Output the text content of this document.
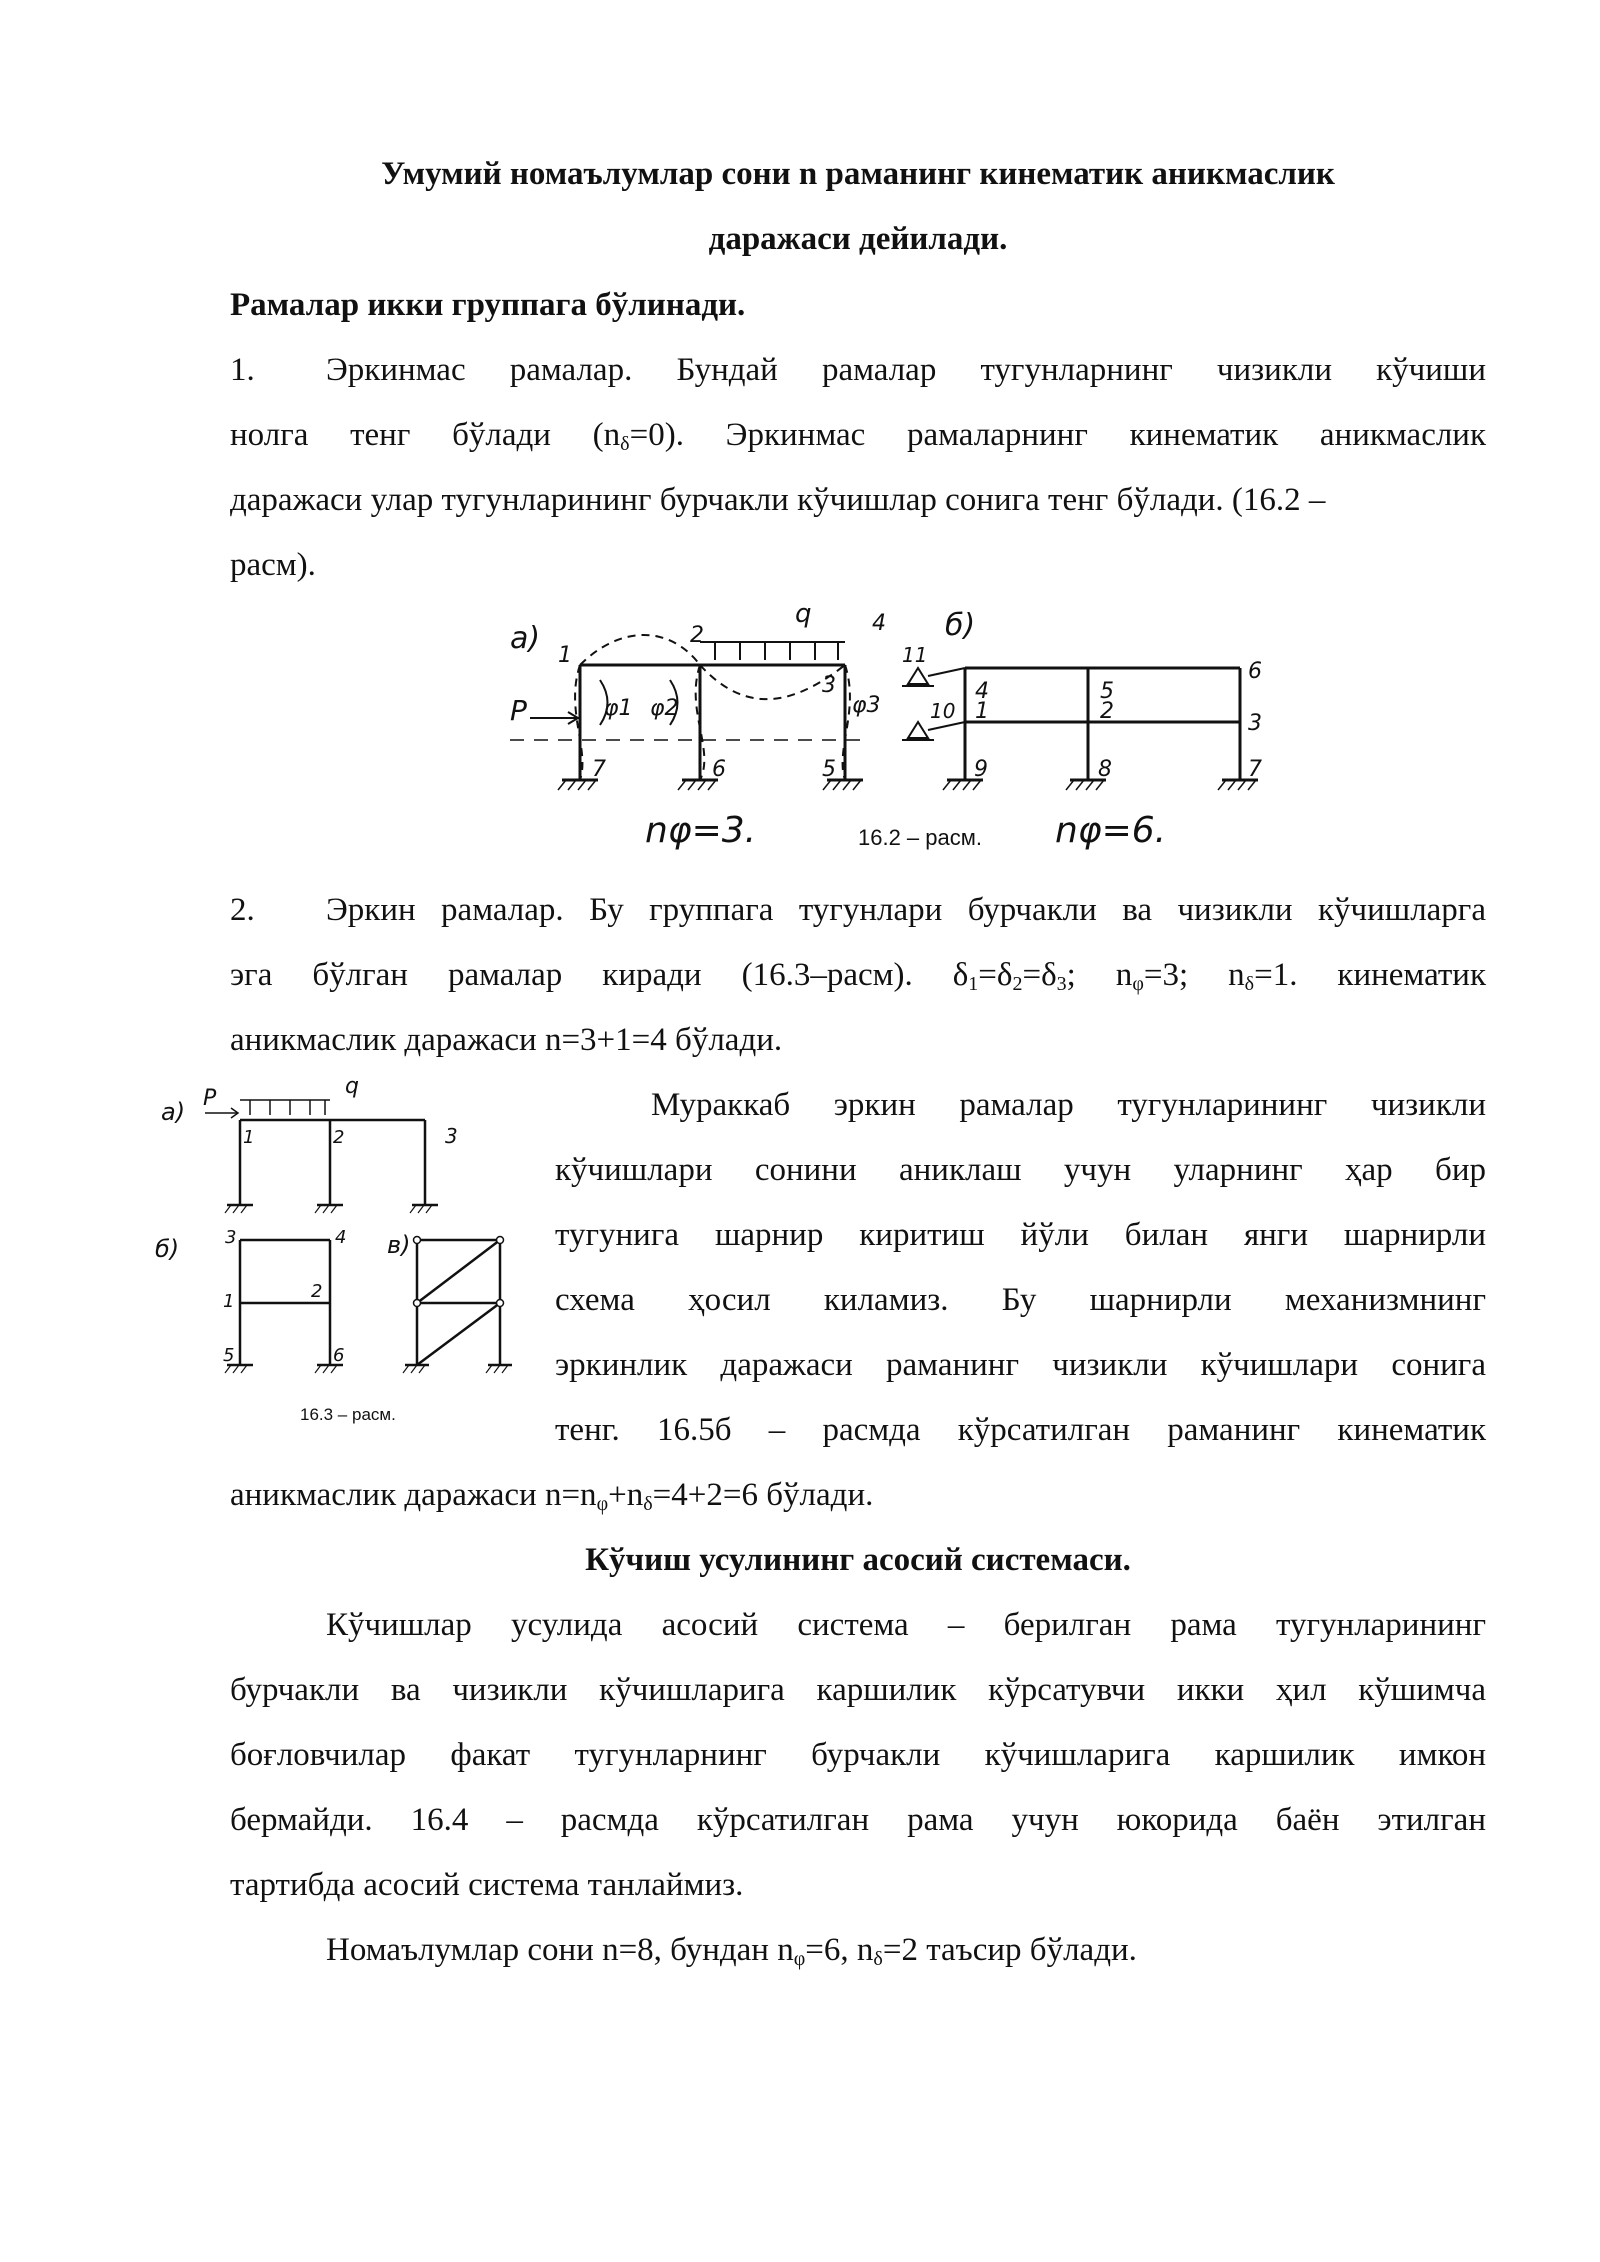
Умумий номаълумлар сони n раманинг кинематик аникмаслик
даражаси дейилади.
Рамалар икки группага бўлинади.
1. Эркинмас рамалар. Бундай рамалар тугунларнинг чизикли кўчиши
нолга тенг бўлади $(n_\delta=0)$. Эркинмас рамаларнинг кинематик аникмаслик
даражаси улар тугунларининг бурчакли кўчишлар сонига тенг бўлади. (16.2 –
расм).
а)
q
P	φ1 φ2	φ3
1
2
3
4
5
6
7
б)
4	5
6
1	2	3
7
8
9
10
11
nφ=3.	16.2 – расм. nφ=6.
2. Эркин рамалар. Бу группага тугунлари бурчакли ва чизикли кўчишларга
эга бўлган рамалар киради (16.3–расм). $\delta_1=\delta_2=\delta_3$; $n_\varphi=3$; $n_\delta=1$. кинематик
аникмаслик даражаси n=3+1=4 бўлади.
а) P	q
1	2	3
б)	3	4
1	2
5	6
в)
16.3 – расм.
Мураккаб эркин рамалар тугунларининг чизикли
кўчишлари сонини аниклаш учун уларнинг ҳар бир
тугунига шарнир киритиш йўли билан янги шарнирли
схема ҳосил киламиз. Бу шарнирли механизмнинг
эркинлик даражаси раманинг чизикли кўчишлари сонига
тенг. 16.5б – расмда кўрсатилган раманинг кинематик
аникмаслик даражаси $n=n_\varphi+n_\delta=4+2=6$ бўлади.
Кўчиш усулининг асосий системаси.
Кўчишлар усулида асосий система – берилган рама тугунларининг
бурчакли ва чизикли кўчишларига каршилик кўрсатувчи икки ҳил кўшимча
боғловчилар факат тугунларнинг бурчакли кўчишларига каршилик имкон
бермайди. 16.4 – расмда кўрсатилган рама учун юкорида баён этилган
тартибда асосий система танлаймиз.
Номаълумлар сони n=8, бундан $n_\varphi=6$, $n_\delta=2$ таъсир бўлади.
